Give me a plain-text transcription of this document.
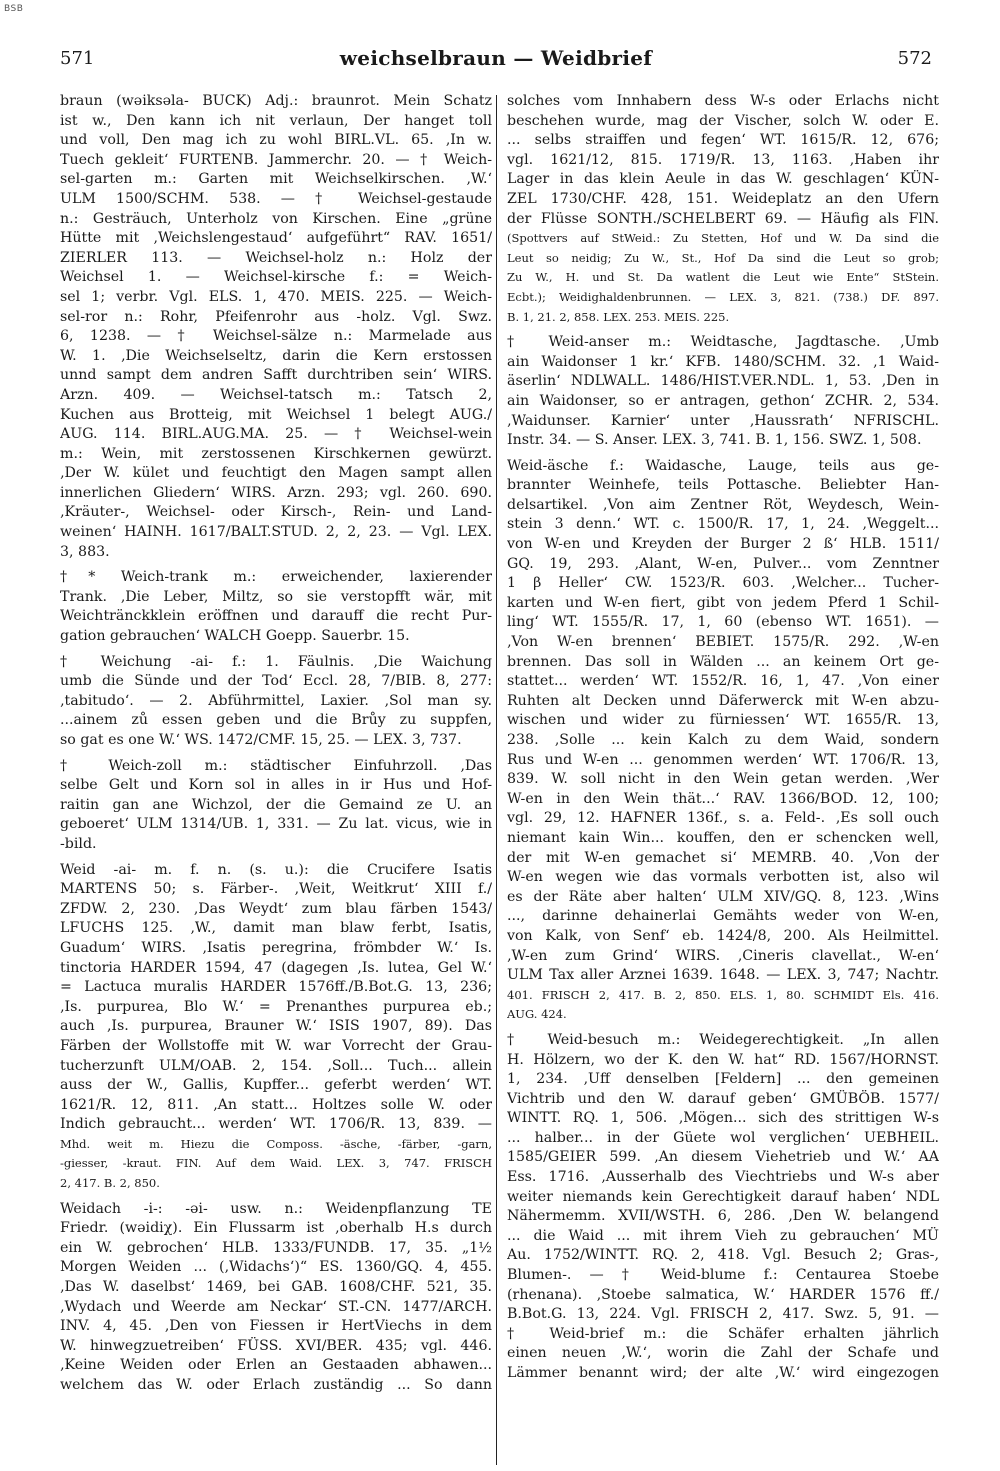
BSB
571	weichselbraun — Weidbrief	572
braun (wəiksəla- BUCK) Adj.: braunrot. Mein Schatz
ist w., Den kann ich nit verlaun, Der hanget toll
und voll, Den mag ich zu wohl BIRL.VL. 65. ‚In w.
Tuech gekleit‘ FURTENB. Jammerchr. 20. — † Weich-
sel-garten m.: Garten mit Weichselkirschen. ‚W.‘
ULM 1500/SCHM. 538. — † Weichsel-gestaude
n.: Gesträuch, Unterholz von Kirschen. Eine „grüne
Hütte mit ‚Weichslengestaud‘ aufgeführt“ RAV. 1651/
ZIERLER 113. — Weichsel-holz n.: Holz der
Weichsel 1. — Weichsel-kirsche f.: = Weich-
sel 1; verbr. Vgl. ELS. 1, 470. MEIS. 225. — Weich-
sel-ror n.: Rohr, Pfeifenrohr aus -holz. Vgl. Swz.
6, 1238. — † Weichsel-sälze n.: Marmelade aus
W. 1. ‚Die Weichselseltz, darin die Kern erstossen
unnd sampt dem andren Safft durchtriben sein‘ WIRS.
Arzn. 409. — Weichsel-tatsch m.: Tatsch 2,
Kuchen aus Brotteig, mit Weichsel 1 belegt AUG./
AUG. 114. BIRL.AUG.MA. 25. — † Weichsel-wein
m.: Wein, mit zerstossenen Kirschkernen gewürzt.
‚Der W. kület und feuchtigt den Magen sampt allen
innerlichen Gliedern‘ WIRS. Arzn. 293; vgl. 260. 690.
‚Kräuter-, Weichsel- oder Kirsch-, Rein- und Land-
weinen‘ HAINH. 1617/BALT.STUD. 2, 2, 23. — Vgl. LEX.
3, 883.
†* Weich-trank m.: erweichender, laxierender
Trank. ‚Die Leber, Miltz, so sie verstopfft wär, mit
Weichtränckklein eröffnen und darauff die recht Pur-
gation gebrauchen‘ WALCH Goepp. Sauerbr. 15.
† Weichung -ai- f.: 1. Fäulnis. ‚Die Waichung
umb die Sünde und der Tod‘ Eccl. 28, 7/BIB. 8, 277:
‚tabitudo‘. — 2. Abführmittel, Laxier. ‚Sol man sy.
...ainem zů essen geben und die Brůy zu suppfen,
so gat es one W.‘ WS. 1472/CMF. 15, 25. — LEX. 3, 737.
† Weich-zoll m.: städtischer Einfuhrzoll. ‚Das
selbe Gelt und Korn sol in alles in ir Hus und Hof-
raitin gan ane Wichzol, der die Gemaind ze U. an
geboeret‘ ULM 1314/UB. 1, 331. — Zu lat. vicus, wie in
-bild.
Weid -ai- m. f. n. (s. u.): die Crucifere Isatis
MARTENS 50; s. Färber-. ‚Weit, Weitkrut‘ XIII f./
ZFDW. 2, 230. ‚Das Weydt‘ zum blau färben 1543/
LFUCHS 125. ‚W., damit man blaw ferbt, Isatis,
Guadum‘ WIRS. ‚Isatis peregrina, frömbder W.‘ Is.
tinctoria HARDER 1594, 47 (dagegen ‚Is. lutea, Gel W.‘
= Lactuca muralis HARDER 1576ff./B.Bot.G. 13, 236;
‚Is. purpurea, Blo W.‘ = Prenanthes purpurea eb.;
auch ‚Is. purpurea, Brauner W.‘ ISIS 1907, 89). Das
Färben der Wollstoffe mit W. war Vorrecht der Grau-
tucherzunft ULM/OAB. 2, 154. ‚Soll... Tuch... allein
auss der W., Gallis, Kupffer... geferbt werden‘ WT.
1621/R. 12, 811. ‚An statt... Holtzes solle W. oder
Indich gebraucht... werden‘ WT. 1706/R. 13, 839. —
Mhd. weit m. Hiezu die Composs. -äsche, -färber, -garn,
-giesser, -kraut. FIN. Auf dem Waid. LEX. 3, 747. FRISCH
2, 417. B. 2, 850.
Weidach -i-: -əi- usw. n.: Weidenpflanzung TE
Friedr. (wəidiχ). Ein Flussarm ist ‚oberhalb H.s durch
ein W. gebrochen‘ HLB. 1333/FUNDB. 17, 35. „1½
Morgen Weiden ... (‚Widachs‘)“ ES. 1360/GQ. 4, 455.
‚Das W. daselbst‘ 1469, bei GAB. 1608/CHF. 521, 35.
‚Wydach und Weerde am Neckar‘ ST.-CN. 1477/ARCH.
INV. 4, 45. ‚Den von Fiessen ir HertViechs in dem
W. hinwegzuetreiben‘ FÜSS. XVI/BER. 435; vgl. 446.
‚Keine Weiden oder Erlen an Gestaaden abhawen...
welchem das W. oder Erlach zuständig ... So dann
solches vom Innhabern dess W-s oder Erlachs nicht
beschehen wurde, mag der Vischer, solch W. oder E.
... selbs straiffen und fegen‘ WT. 1615/R. 12, 676;
vgl. 1621/12, 815. 1719/R. 13, 1163. ‚Haben ihr
Lager in das klein Aeule in das W. geschlagen‘ KÜN-
ZEL 1730/CHF. 428, 151. Weideplatz an den Ufern
der Flüsse SONTH./SCHELBERT 69. — Häufig als FlN.
(Spottvers auf StWeid.: Zu Stetten, Hof und W. Da sind die
Leut so neidig; Zu W., St., Hof Da sind die Leut so grob;
Zu W., H. und St. Da watlent die Leut wie Ente“ StStein.
Ecbt.); Weidighaldenbrunnen. — LEX. 3, 821. (738.) DF. 897.
B. 1, 21. 2, 858. LEX. 253. MEIS. 225.
† Weid-anser m.: Weidtasche, Jagdtasche. ‚Umb
ain Waidonser 1 kr.‘ KFB. 1480/SCHM. 32. ‚1 Waid-
äserlin‘ NDLWALL. 1486/HIST.VER.NDL. 1, 53. ‚Den in
ain Waidonser, so er antragen, gethon‘ ZCHR. 2, 534.
‚Waidunser. Karnier‘ unter ‚Haussrath‘ NFRISCHL.
Instr. 34. — S. Anser. LEX. 3, 741. B. 1, 156. SWZ. 1, 508.
Weid-äsche f.: Waidasche, Lauge, teils aus ge-
brannter Weinhefe, teils Pottasche. Beliebter Han-
delsartikel. ‚Von aim Zentner Röt, Weydesch, Wein-
stein 3 denn.‘ WT. c. 1500/R. 17, 1, 24. ‚Weggelt...
von W-en und Kreyden der Burger 2 ß‘ HLB. 1511/
GQ. 19, 293. ‚Alant, W-en, Pulver... vom Zenntner
1 β Heller‘ CW. 1523/R. 603. ‚Welcher... Tucher-
karten und W-en fiert, gibt von jedem Pferd 1 Schil-
ling‘ WT. 1555/R. 17, 1, 60 (ebenso WT. 1651). —
‚Von W-en brennen‘ BEBIET. 1575/R. 292. ‚W-en
brennen. Das soll in Wälden ... an keinem Ort ge-
stattet... werden‘ WT. 1552/R. 16, 1, 47. ‚Von einer
Ruhten alt Decken unnd Däferwerck mit W-en abzu-
wischen und wider zu fürniessen‘ WT. 1655/R. 13,
238. ‚Solle ... kein Kalch zu dem Waid, sondern
Rus und W-en ... genommen werden‘ WT. 1706/R. 13,
839. W. soll nicht in den Wein getan werden. ‚Wer
W-en in den Wein thät...‘ RAV. 1366/BOD. 12, 100;
vgl. 29, 12. HAFNER 136f., s. a. Feld-. ‚Es soll ouch
niemant kain Win... kouffen, den er schencken well,
der mit W-en gemachet si‘ MEMRB. 40. ‚Von der
W-en wegen wie das vormals verbotten ist, also wil
es der Räte aber halten‘ ULM XIV/GQ. 8, 123. ‚Wins
..., darinne dehainerlai Gemähts weder von W-en,
von Kalk, von Senf‘ eb. 1424/8, 200. Als Heilmittel.
‚W-en zum Grind‘ WIRS. ‚Cineris clavellat., W-en‘
ULM Tax aller Arznei 1639. 1648. — LEX. 3, 747; Nachtr.
401. FRISCH 2, 417. B. 2, 850. ELS. 1, 80. SCHMIDT Els. 416.
AUG. 424.
† Weid-besuch m.: Weidegerechtigkeit. „In allen
H. Hölzern, wo der K. den W. hat“ RD. 1567/HORNST.
1, 234. ‚Uff denselben [Feldern] ... den gemeinen
Vichtrib und den W. darauf geben‘ GMÜBÖB. 1577/
WINTT. RQ. 1, 506. ‚Mögen... sich des strittigen W-s
... halber... in der Güete wol verglichen‘ UEBHEIL.
1585/GEIER 599. ‚An diesem Viehetrieb und W.‘ AA
Ess. 1716. ‚Ausserhalb des Viechtriebs und W-s aber
weiter niemands kein Gerechtigkeit darauf haben‘ NDL
Nähermemm. XVII/WSTH. 6, 286. ‚Den W. belangend
... die Waid ... mit ihrem Vieh zu gebrauchen‘ MÜ
Au. 1752/WINTT. RQ. 2, 418. Vgl. Besuch 2; Gras-,
Blumen-. — † Weid-blume f.: Centaurea Stoebe
(rhenana). ‚Stoebe salmatica, W.‘ HARDER 1576 ff./
B.Bot.G. 13, 224. Vgl. FRISCH 2, 417. Swz. 5, 91. —
† Weid-brief m.: die Schäfer erhalten jährlich
einen neuen ‚W.‘, worin die Zahl der Schafe und
Lämmer benannt wird; der alte ‚W.‘ wird eingezogen
